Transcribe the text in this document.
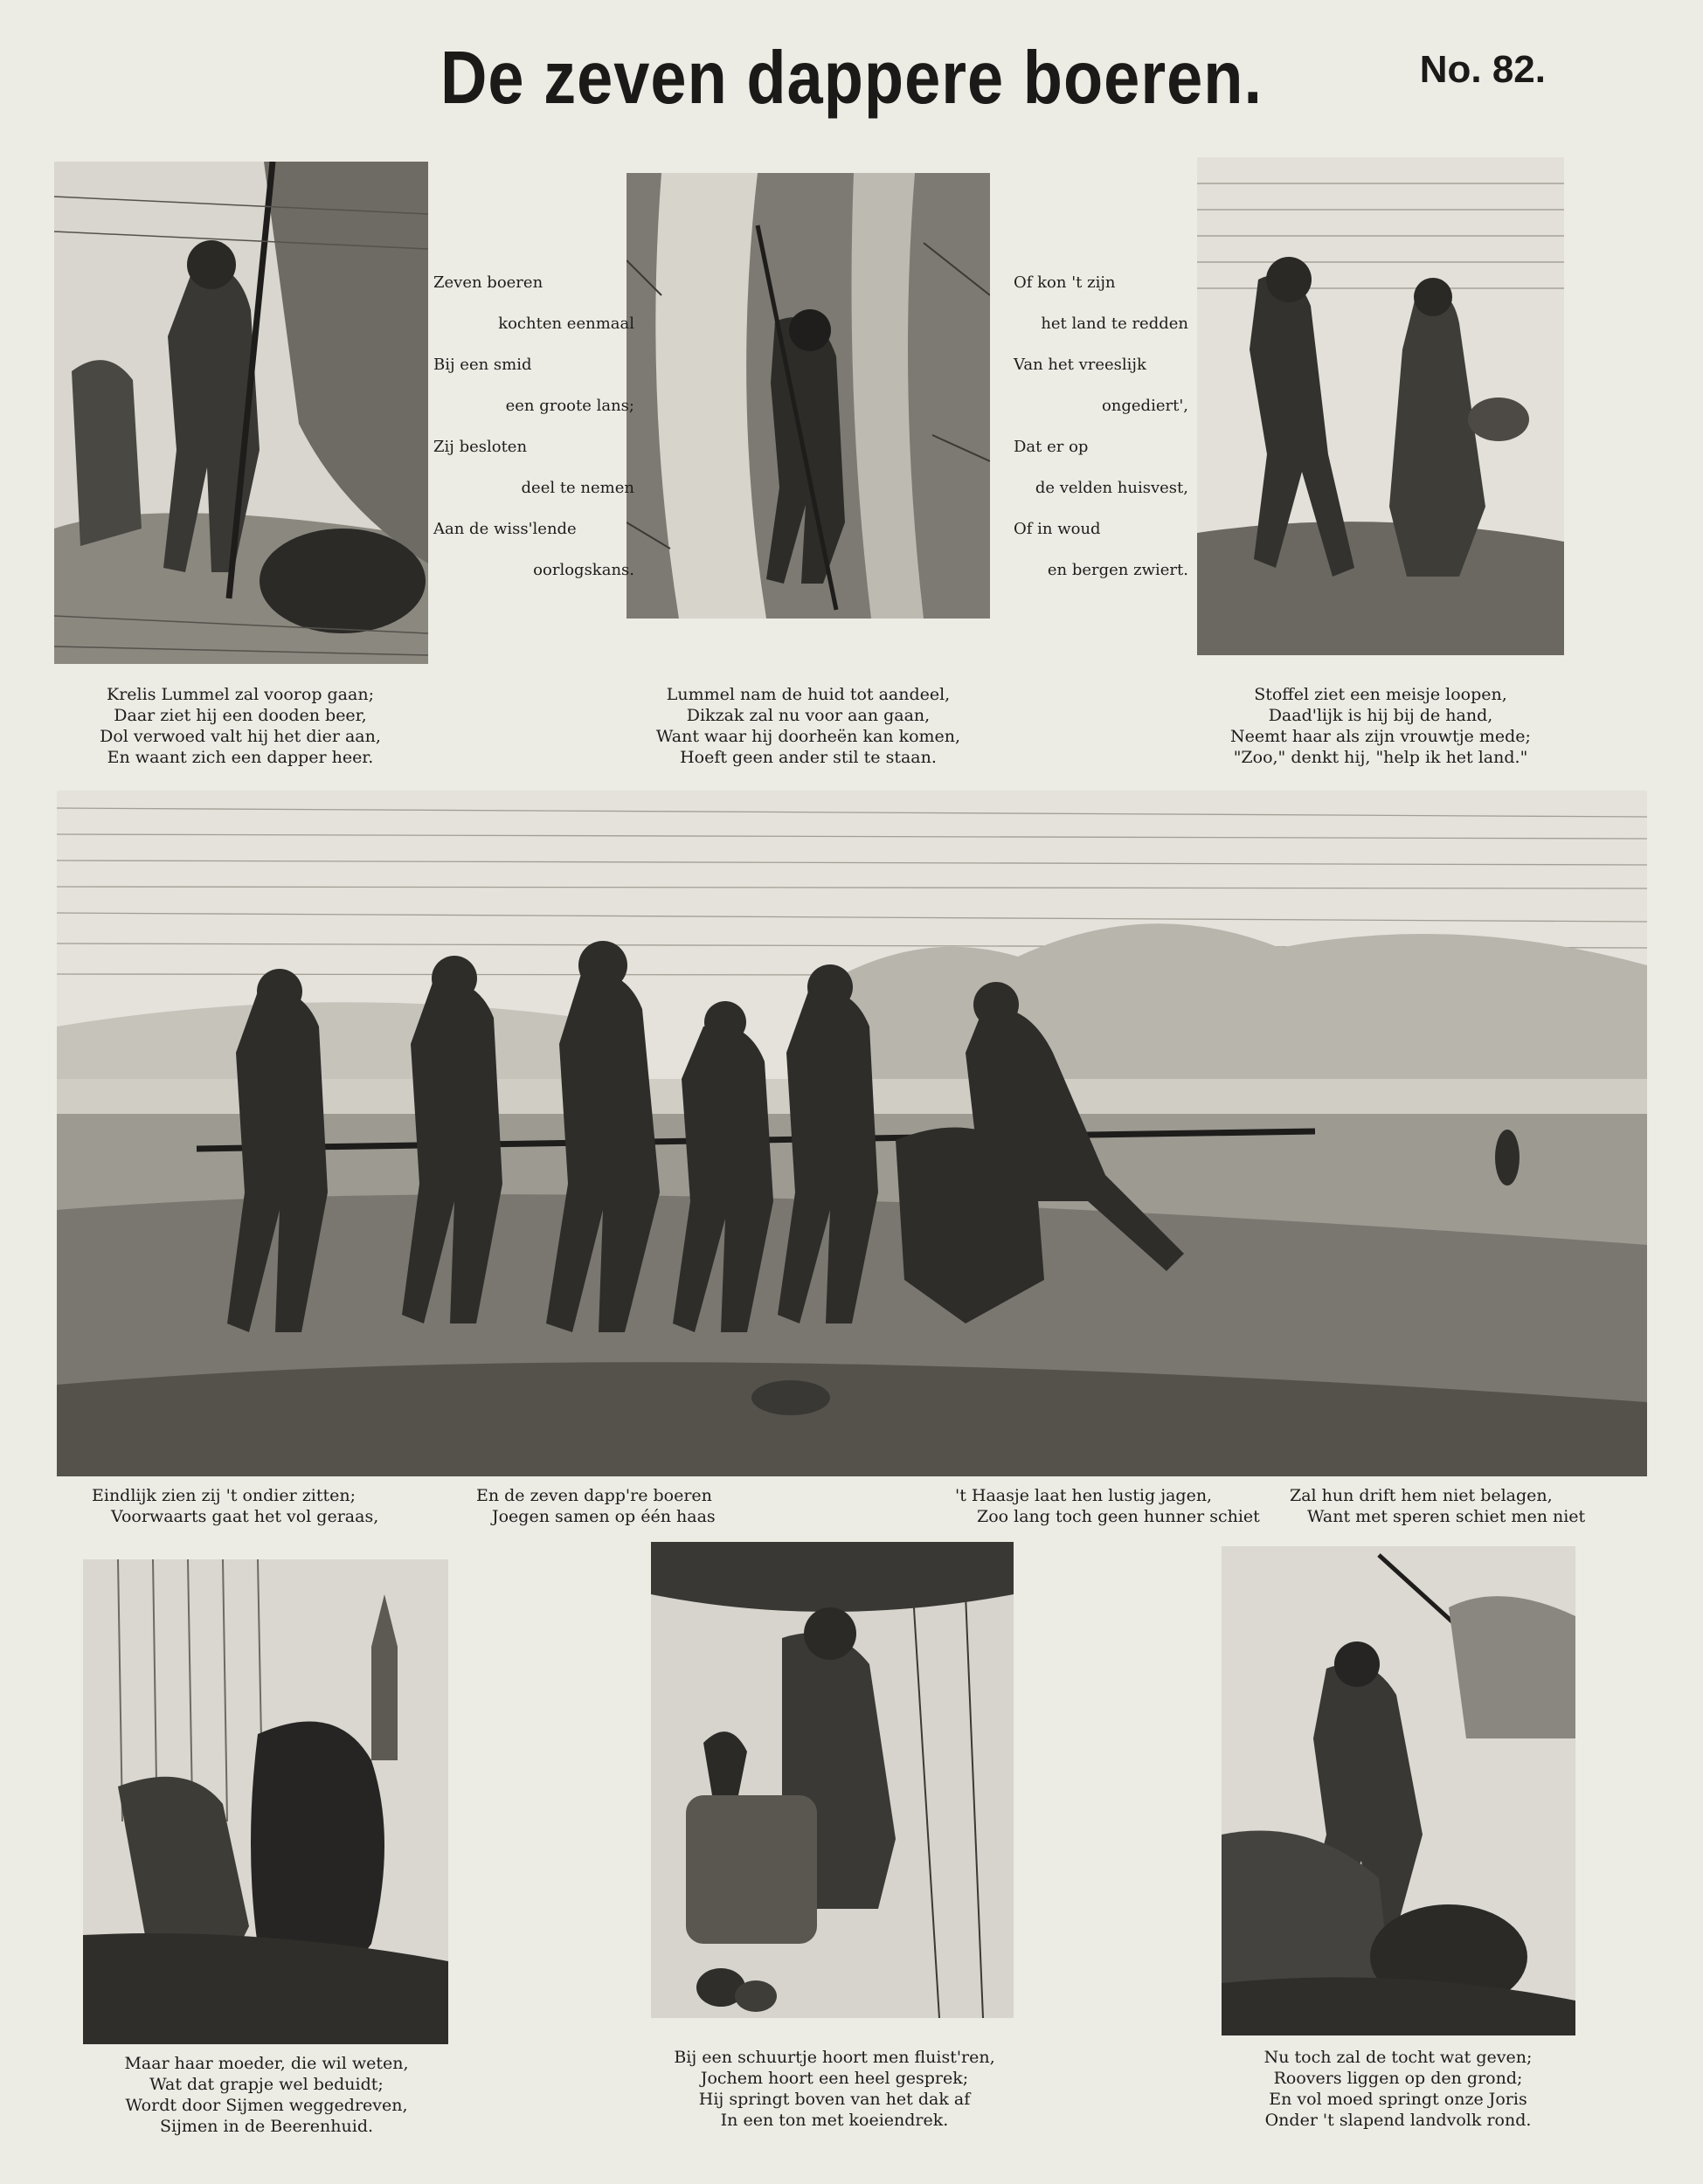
De zeven dappere boeren.	No. 82.
Zeven boeren
kochten eenmaal
Bij een smid
een groote lans;
Zij besloten
deel te nemen
Aan de wiss'lende
oorlogskans.
Of kon 't zijn
het land te redden
Van het vreeslijk
ongediert',
Dat er op
de velden huisvest,
Of in woud
en bergen zwiert.
Krelis Lummel zal voorop gaan;
Daar ziet hij een dooden beer,
Dol verwoed valt hij het dier aan,
En waant zich een dapper heer.
Lummel nam de huid tot aandeel,
Dikzak zal nu voor aan gaan,
Want waar hij doorheën kan komen,
Hoeft geen ander stil te staan.
Stoffel ziet een meisje loopen,
Daad'lijk is hij bij de hand,
Neemt haar als zijn vrouwtje mede;
"Zoo," denkt hij, "help ik het land."
Eindlijk zien zij 't ondier zitten;
Voorwaarts gaat het vol geraas,
En de zeven dapp're boeren
Joegen samen op één haas
't Haasje laat hen lustig jagen,
Zoo lang toch geen hunner schiet
Zal hun drift hem niet belagen,
Want met speren schiet men niet
Maar haar moeder, die wil weten,
Wat dat grapje wel beduidt;
Wordt door Sijmen weggedreven,
Sijmen in de Beerenhuid.
Bij een schuurtje hoort men fluist'ren,
Jochem hoort een heel gesprek;
Hij springt boven van het dak af
In een ton met koeiendrek.
Nu toch zal de tocht wat geven;
Roovers liggen op den grond;
En vol moed springt onze Joris
Onder 't slapend landvolk rond.
